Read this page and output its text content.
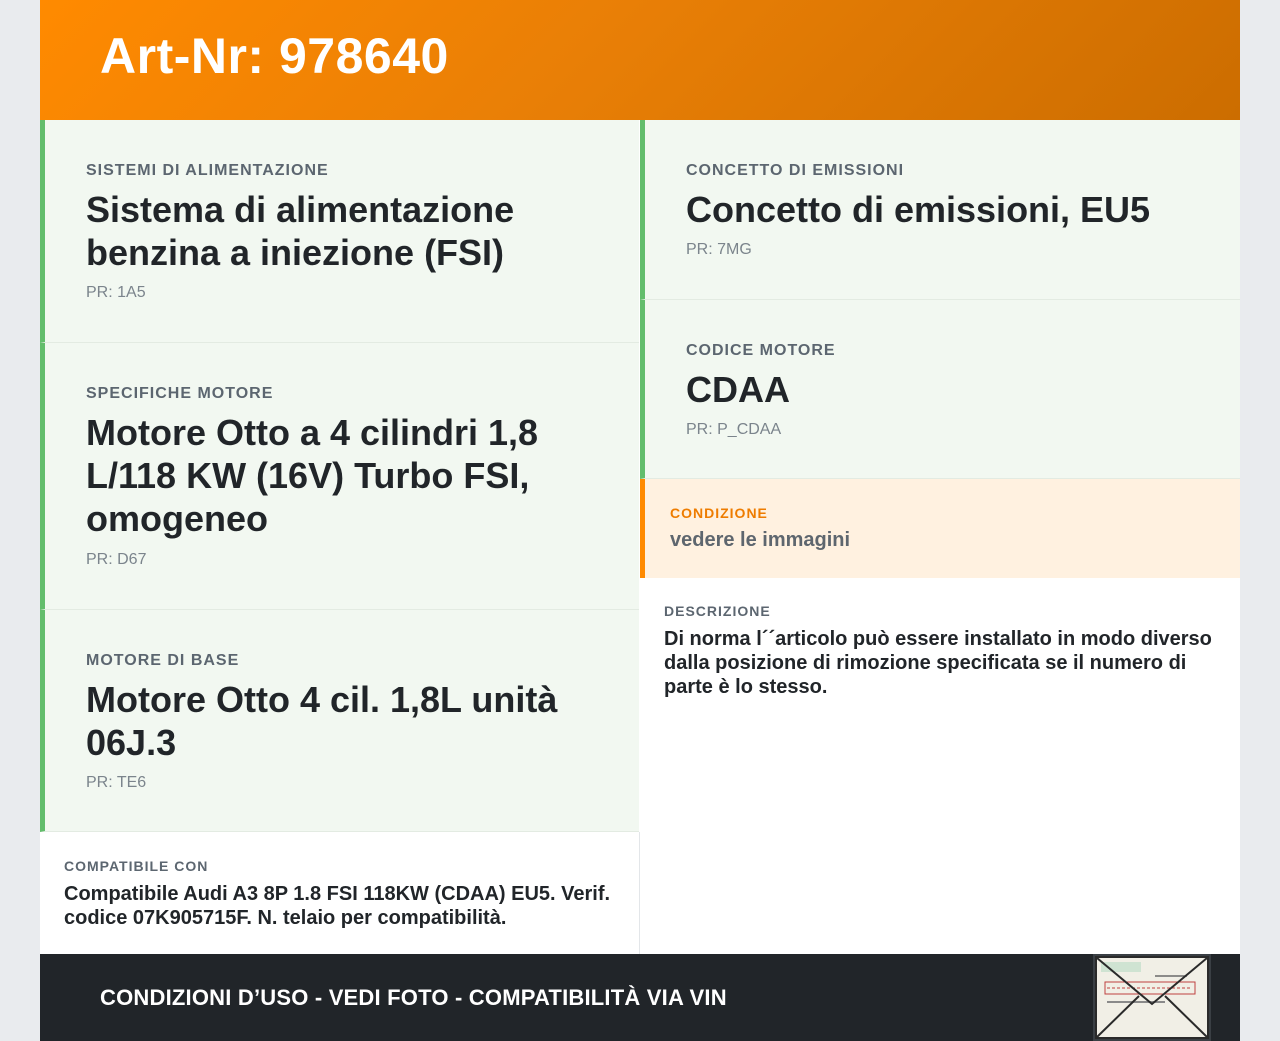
Art-Nr: 978640
SISTEMI DI ALIMENTAZIONE
Sistema di alimentazione benzina a iniezione (FSI)
PR: 1A5
SPECIFICHE MOTORE
Motore Otto a 4 cilindri 1,8 L/118 KW (16V) Turbo FSI, omogeneo
PR: D67
MOTORE DI BASE
Motore Otto 4 cil. 1,8L unità 06J.3
PR: TE6
CONCETTO DI EMISSIONI
Concetto di emissioni, EU5
PR: 7MG
CODICE MOTORE
CDAA
PR: P_CDAA
CONDIZIONE
vedere le immagini
DESCRIZIONE
Di norma l´´articolo può essere installato in modo diverso dalla posizione di rimozione specificata se il numero di parte è lo stesso.
COMPATIBILE CON
Compatibile Audi A3 8P 1.8 FSI 118KW (CDAA) EU5. Verif. codice 07K905715F. N. telaio per compatibilità.
CONDIZIONI D’USO - VEDI FOTO - COMPATIBILITÀ VIA VIN
